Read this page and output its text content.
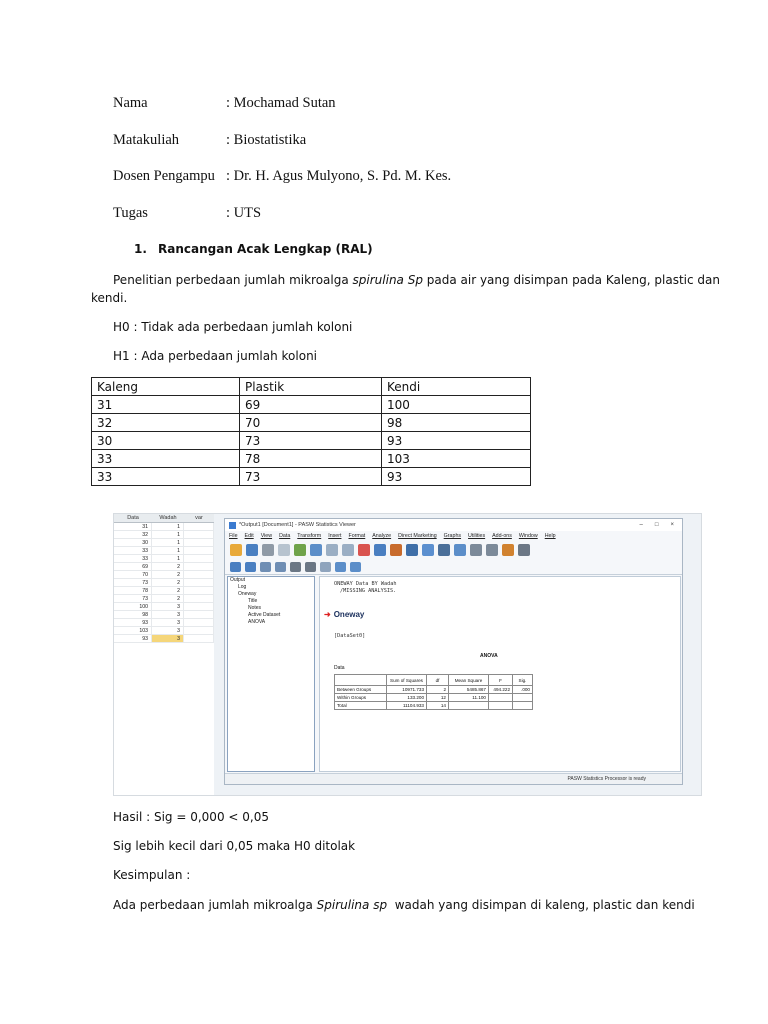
Nama	: Mochamad Sutan
Matakuliah	: Biostatistika
Dosen Pengampu : Dr. H. Agus Mulyono, S. Pd. M. Kes.
Tugas	: UTS
1. Rancangan Acak Lengkap (RAL)
Penelitian perbedaan jumlah mikroalga spirulina Sp pada air yang disimpan pada Kaleng, plastic dan
kendi.
H0 : Tidak ada perbedaan jumlah koloni
H1 : Ada perbedaan jumlah koloni
Kaleng	Plastik	Kendi
31	69	100
32	70	98
30	73	93
33	78	103
33	73	93
Data	Wadah	var
31	1
32	1
30	1
33	1
33	1
69	2
70	2
73	2
78	2
73	2
100	3
98	3
93	3
103	3
93	3
*Output1 [Document1] - PASW Statistics Viewer	– □ ×
File Edit View Data Transform Insert Format Analyze Direct Marketing Graphs Utilities Add-ons Window Help
Output
Log
Oneway
Title
Notes
Active Dataset
ANOVA
ONEWAY Data BY Wadah
/MISSING ANALYSIS.
➜ Oneway
[DataSet0]
ANOVA
Data
	Sum of Squares	df	Mean Square	F	Sig.
Between Groups	10971.733	2	5485.867	494.222	.000
Within Groups	133.200	12	11.100		
Total	11104.933	14			
PASW Statistics Processor is ready
Hasil : Sig = 0,000 < 0,05
Sig lebih kecil dari 0,05 maka H0 ditolak
Kesimpulan :
Ada perbedaan jumlah mikroalga Spirulina sp  wadah yang disimpan di kaleng, plastic dan kendi
